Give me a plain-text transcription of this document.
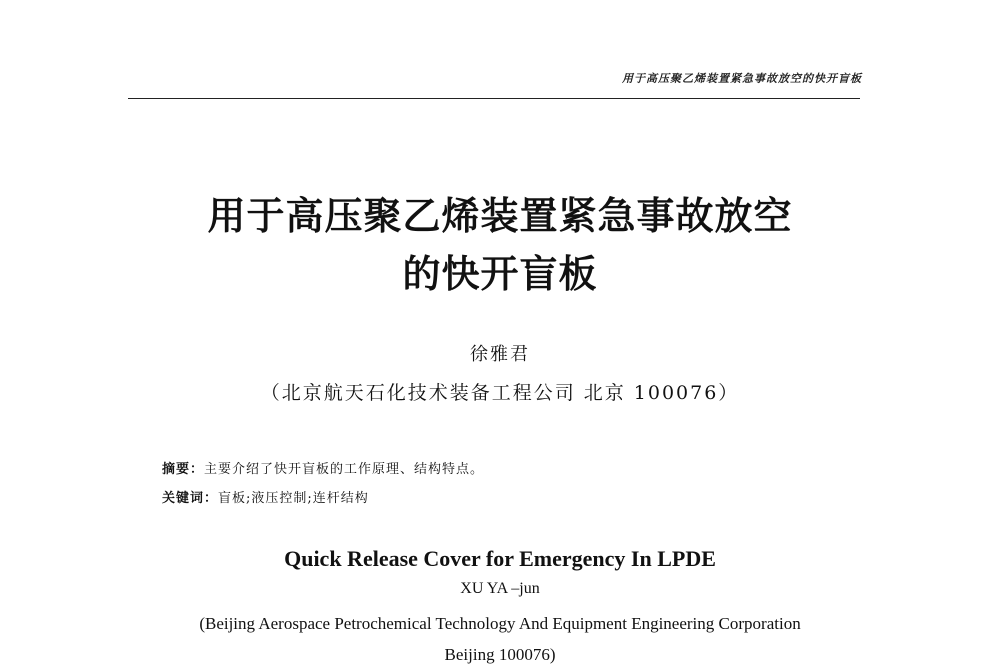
用于高压聚乙烯装置紧急事故放空的快开盲板
用于高压聚乙烯装置紧急事故放空
的快开盲板
徐雅君
（北京航天石化技术装备工程公司 北京 100076）
摘要：主要介绍了快开盲板的工作原理、结构特点。
关键词：盲板;液压控制;连杆结构
Quick Release Cover for Emergency In LPDE
XU YA –jun
(Beijing Aerospace Petrochemical Technology And Equipment Engineering Corporation
Beijing 100076)
